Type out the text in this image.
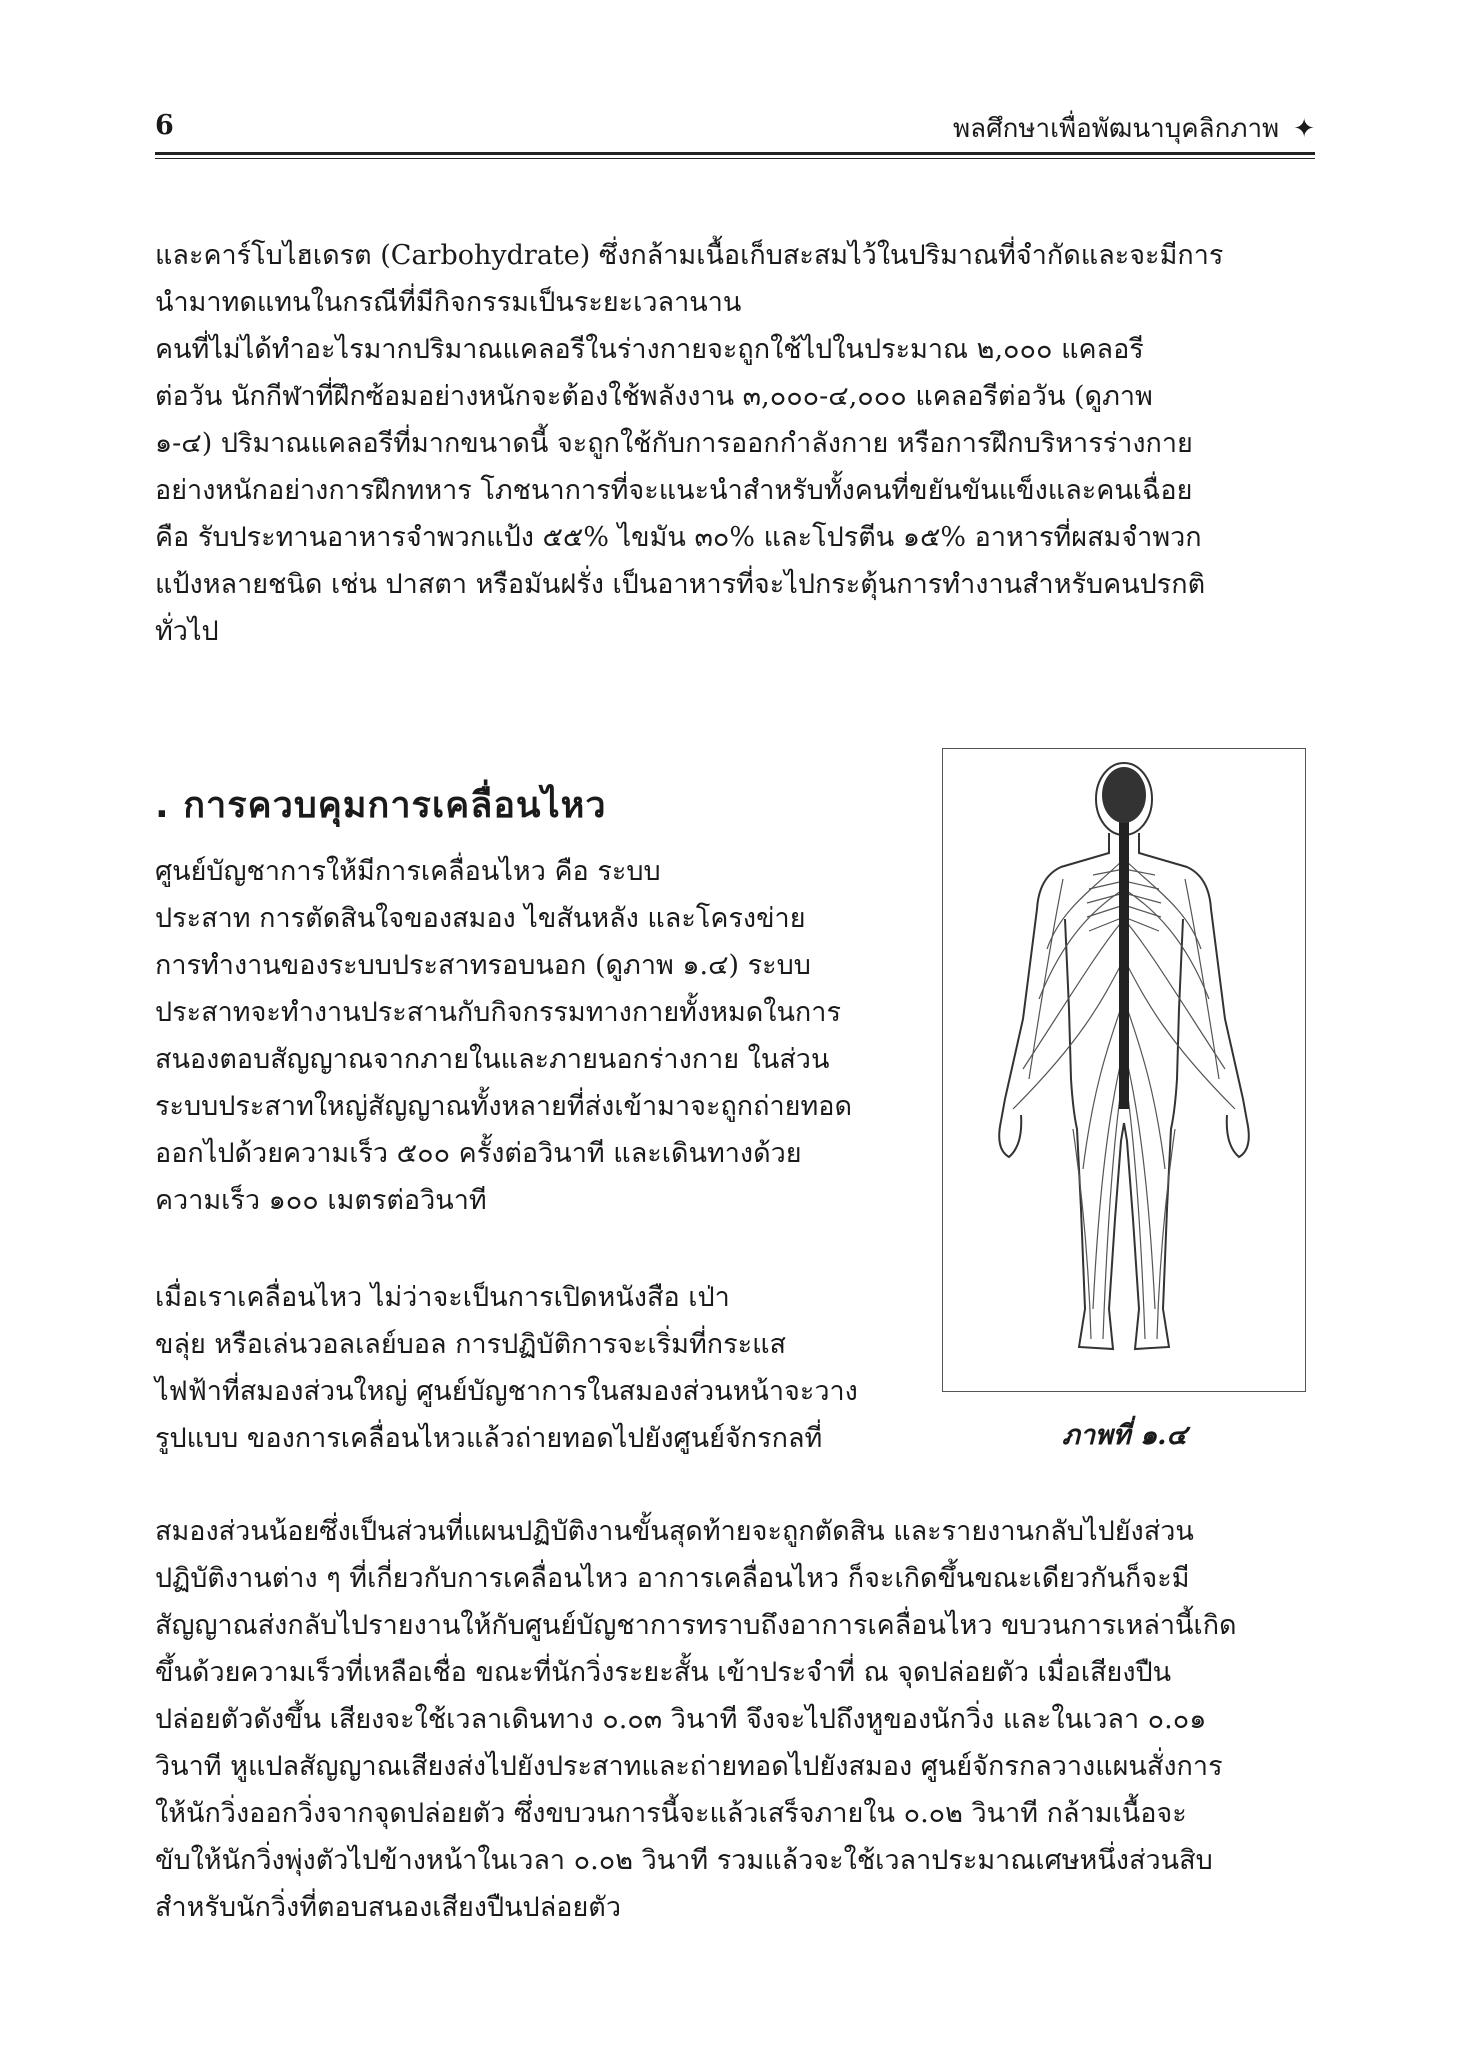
6	พลศึกษาเพื่อพัฒนาบุคลิกภาพ ✦

และคาร์โบไฮเดรต (Carbohydrate) ซึ่งกล้ามเนื้อเก็บสะสมไว้ในปริมาณที่จำกัดและจะมีการ
นำมาทดแทนในกรณีที่มีกิจกรรมเป็นระยะเวลานาน

คนที่ไม่ได้ทำอะไรมากปริมาณแคลอรีในร่างกายจะถูกใช้ไปในประมาณ ๒,๐๐๐ แคลอรี
ต่อวัน นักกีฬาที่ฝึกซ้อมอย่างหนักจะต้องใช้พลังงาน ๓,๐๐๐-๔,๐๐๐ แคลอรีต่อวัน (ดูภาพ
๑-๔) ปริมาณแคลอรีที่มากขนาดนี้ จะถูกใช้กับการออกกำลังกาย หรือการฝึกบริหารร่างกาย
อย่างหนักอย่างการฝึกทหาร โภชนาการที่จะแนะนำสำหรับทั้งคนที่ขยันขันแข็งและคนเฉื่อย
คือ รับประทานอาหารจำพวกแป้ง ๕๕% ไขมัน ๓๐% และโปรตีน ๑๕% อาหารที่ผสมจำพวก
แป้งหลายชนิด เช่น ปาสตา หรือมันฝรั่ง เป็นอาหารที่จะไปกระตุ้นการทำงานสำหรับคนปรกติ
ทั่วไป

. การควบคุมการเคลื่อนไหว

ศูนย์บัญชาการให้มีการเคลื่อนไหว คือ ระบบ
ประสาท การตัดสินใจของสมอง ไขสันหลัง และโครงข่าย
การทำงานของระบบประสาทรอบนอก (ดูภาพ ๑.๔) ระบบ
ประสาทจะทำงานประสานกับกิจกรรมทางกายทั้งหมดในการ
สนองตอบสัญญาณจากภายในและภายนอกร่างกาย ในส่วน
ระบบประสาทใหญ่สัญญาณทั้งหลายที่ส่งเข้ามาจะถูกถ่ายทอด
ออกไปด้วยความเร็ว ๕๐๐ ครั้งต่อวินาที และเดินทางด้วย
ความเร็ว ๑๐๐ เมตรต่อวินาที

เมื่อเราเคลื่อนไหว ไม่ว่าจะเป็นการเปิดหนังสือ เป่า
ขลุ่ย หรือเล่นวอลเลย์บอล การปฏิบัติการจะเริ่มที่กระแส
ไฟฟ้าที่สมองส่วนใหญ่ ศูนย์บัญชาการในสมองส่วนหน้าจะวาง
รูปแบบ ของการเคลื่อนไหวแล้วถ่ายทอดไปยังศูนย์จักรกลที่

สมองส่วนน้อยซึ่งเป็นส่วนที่แผนปฏิบัติงานขั้นสุดท้ายจะถูกตัดสิน และรายงานกลับไปยังส่วน
ปฏิบัติงานต่าง ๆ ที่เกี่ยวกับการเคลื่อนไหว อาการเคลื่อนไหว ก็จะเกิดขึ้นขณะเดียวกันก็จะมี
สัญญาณส่งกลับไปรายงานให้กับศูนย์บัญชาการทราบถึงอาการเคลื่อนไหว ขบวนการเหล่านี้เกิด
ขึ้นด้วยความเร็วที่เหลือเชื่อ ขณะที่นักวิ่งระยะสั้น เข้าประจำที่ ณ จุดปล่อยตัว เมื่อเสียงปืน
ปล่อยตัวดังขึ้น เสียงจะใช้เวลาเดินทาง ๐.๐๓ วินาที จึงจะไปถึงหูของนักวิ่ง และในเวลา ๐.๐๑
วินาที หูแปลสัญญาณเสียงส่งไปยังประสาทและถ่ายทอดไปยังสมอง ศูนย์จักรกลวางแผนสั่งการ
ให้นักวิ่งออกวิ่งจากจุดปล่อยตัว ซึ่งขบวนการนี้จะแล้วเสร็จภายใน ๐.๐๒ วินาที กล้ามเนื้อจะ
ขับให้นักวิ่งพุ่งตัวไปข้างหน้าในเวลา ๐.๐๒ วินาที รวมแล้วจะใช้เวลาประมาณเศษหนึ่งส่วนสิบ
สำหรับนักวิ่งที่ตอบสนองเสียงปืนปล่อยตัว

ภาพที่ ๑.๔
